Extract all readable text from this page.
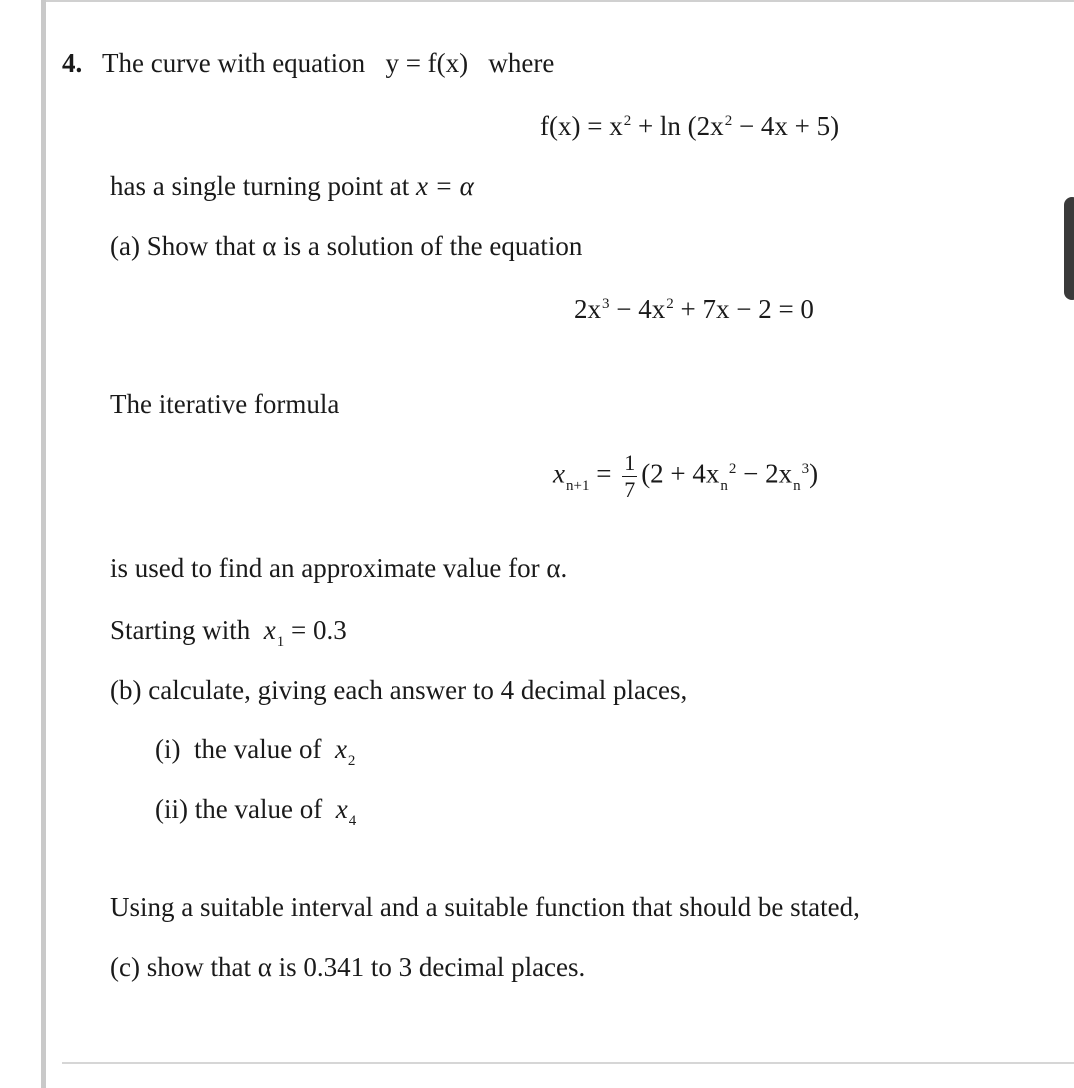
4. The curve with equation y = f(x) where
$f(x) = x^2 + \ln (2x^2 - 4x + 5)$
has a single turning point at x = α
(a) Show that α is a solution of the equation
$2x^3 - 4x^2 + 7x - 2 = 0$
The iterative formula
$x_{n+1} = \frac{1}{7} (2 + 4x_n^2 - 2x_n^3)$
is used to find an approximate value for α.
Starting with $x_1 = 0.3$
(b) calculate, giving each answer to 4 decimal places,
(i) the value of $x_2$
(ii) the value of $x_4$
Using a suitable interval and a suitable function that should be stated,
(c) show that α is 0.341 to 3 decimal places.
